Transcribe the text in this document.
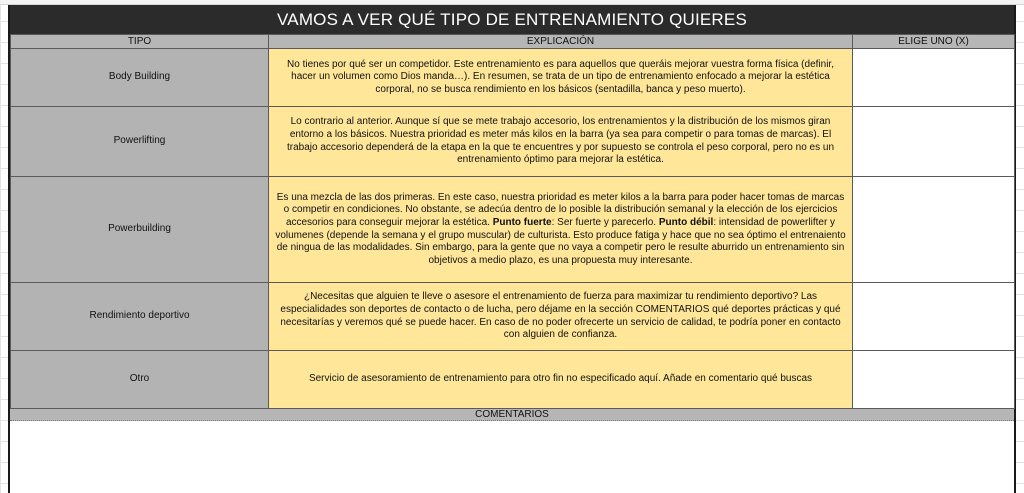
VAMOS A VER QUÉ TIPO DE ENTRENAMIENTO QUIERES
TIPO	EXPLICACIÓN	ELIGE UNO (X)
Body Building	No tienes por qué ser un competidor. Este entrenamiento es para aquellos que queráis mejorar vuestra forma física (definir, hacer un volumen como Dios manda…). En resumen, se trata de un tipo de entrenamiento enfocado a mejorar la estética corporal, no se busca rendimiento en los básicos (sentadilla, banca y peso muerto).	
Powerlifting	Lo contrario al anterior. Aunque sí que se mete trabajo accesorio, los entrenamientos y la distribución de los mismos giran entorno a los básicos. Nuestra prioridad es meter más kilos en la barra (ya sea para competir o para tomas de marcas). El trabajo accesorio dependerá de la etapa en la que te encuentres y por supuesto se controla el peso corporal, pero no es un entrenamiento óptimo para mejorar la estética.	
Powerbuilding	Es una mezcla de las dos primeras. En este caso, nuestra prioridad es meter kilos a la barra para poder hacer tomas de marcas o competir en condiciones. No obstante, se adecúa dentro de lo posible la distribución semanal y la elección de los ejercicios accesorios para conseguir mejorar la estética. Punto fuerte: Ser fuerte y parecerlo. Punto débil: intensidad de powerlifter y volumenes (depende la semana y el grupo muscular) de culturista. Esto produce fatiga y hace que no sea óptimo el entrenaiento de ningua de las modalidades. Sin embargo, para la gente que no vaya a competir pero le resulte aburrido un entrenamiento sin objetivos a medio plazo, es una propuesta muy interesante.	
Rendimiento deportivo	¿Necesitas que alguien te lleve o asesore el entrenamiento de fuerza para maximizar tu rendimiento deportivo? Las especialidades son deportes de contacto o de lucha, pero déjame en la sección COMENTARIOS qué deportes prácticas y qué necesitarías y veremos qué se puede hacer. En caso de no poder ofrecerte un servicio de calidad, te podría poner en contacto con alguien de confianza.	
Otro	Servicio de asesoramiento de entrenamiento para otro fin no especificado aquí. Añade en comentario qué buscas	
COMENTARIOS
